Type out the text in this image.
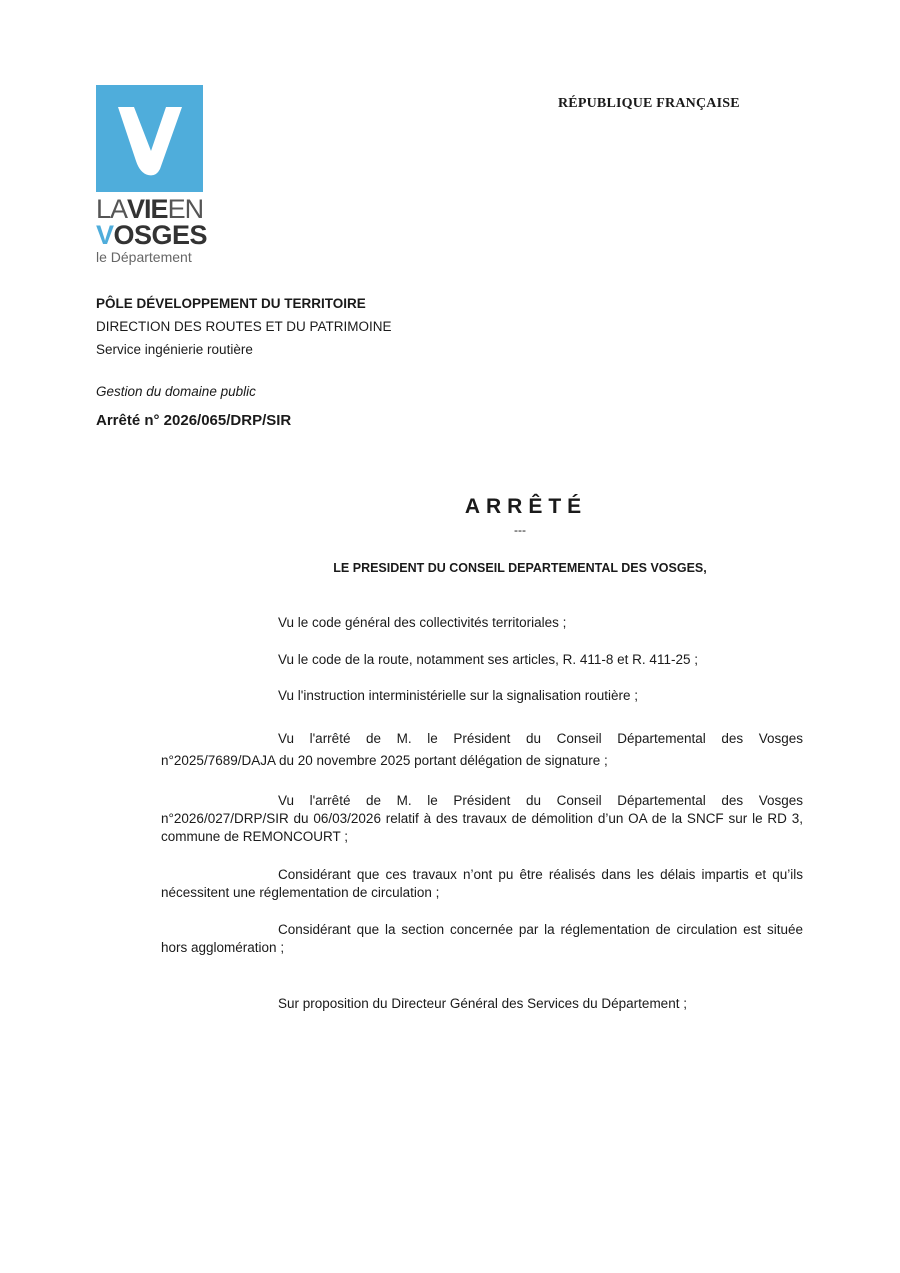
LAVIEEN
VOSGES
le Département
RÉPUBLIQUE FRANÇAISE
PÔLE DÉVELOPPEMENT DU TERRITOIRE
DIRECTION DES ROUTES ET DU PATRIMOINE
Service ingénierie routière
Gestion du domaine public
Arrêté n° 2026/065/DRP/SIR
ARRÊTÉ
---
LE PRESIDENT DU CONSEIL DEPARTEMENTAL DES VOSGES,

Vu le code général des collectivités territoriales ;

Vu le code de la route, notamment ses articles, R. 411-8 et R. 411-25 ;

Vu l'instruction interministérielle sur la signalisation routière ;

Vu l'arrêté de M. le Président du Conseil Départemental des Vosges n°2025/7689/DAJA du 20 novembre 2025 portant délégation de signature ;

Vu l'arrêté de M. le Président du Conseil Départemental des Vosges n°2026/027/DRP/SIR du 06/03/2026 relatif à des travaux de démolition d’un OA de la SNCF sur le RD 3, commune de REMONCOURT ;

Considérant que ces travaux n’ont pu être réalisés dans les délais impartis et qu’ils nécessitent une réglementation de circulation ;

Considérant que la section concernée par la réglementation de circulation est située hors agglomération ;

Sur proposition du Directeur Général des Services du Département ;
